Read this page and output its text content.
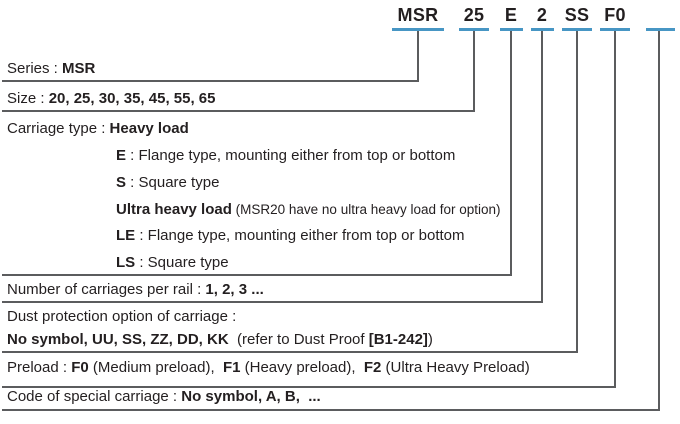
MSR	25	E	2 SS F0
Series : MSR
Size : 20, 25, 30, 35, 45, 55, 65
Carriage type : Heavy load
E : Flange type, mounting either from top or bottom
S : Square type
Ultra heavy load (MSR20 have no ultra heavy load for option)
LE : Flange type, mounting either from top or bottom
LS : Square type
Number of carriages per rail : 1, 2, 3 ...
Dust protection option of carriage :
No symbol, UU, SS, ZZ, DD, KK  (refer to Dust Proof [B1-242])
Preload : F0 (Medium preload),  F1 (Heavy preload),  F2 (Ultra Heavy Preload)
Code of special carriage : No symbol, A, B,  ...
